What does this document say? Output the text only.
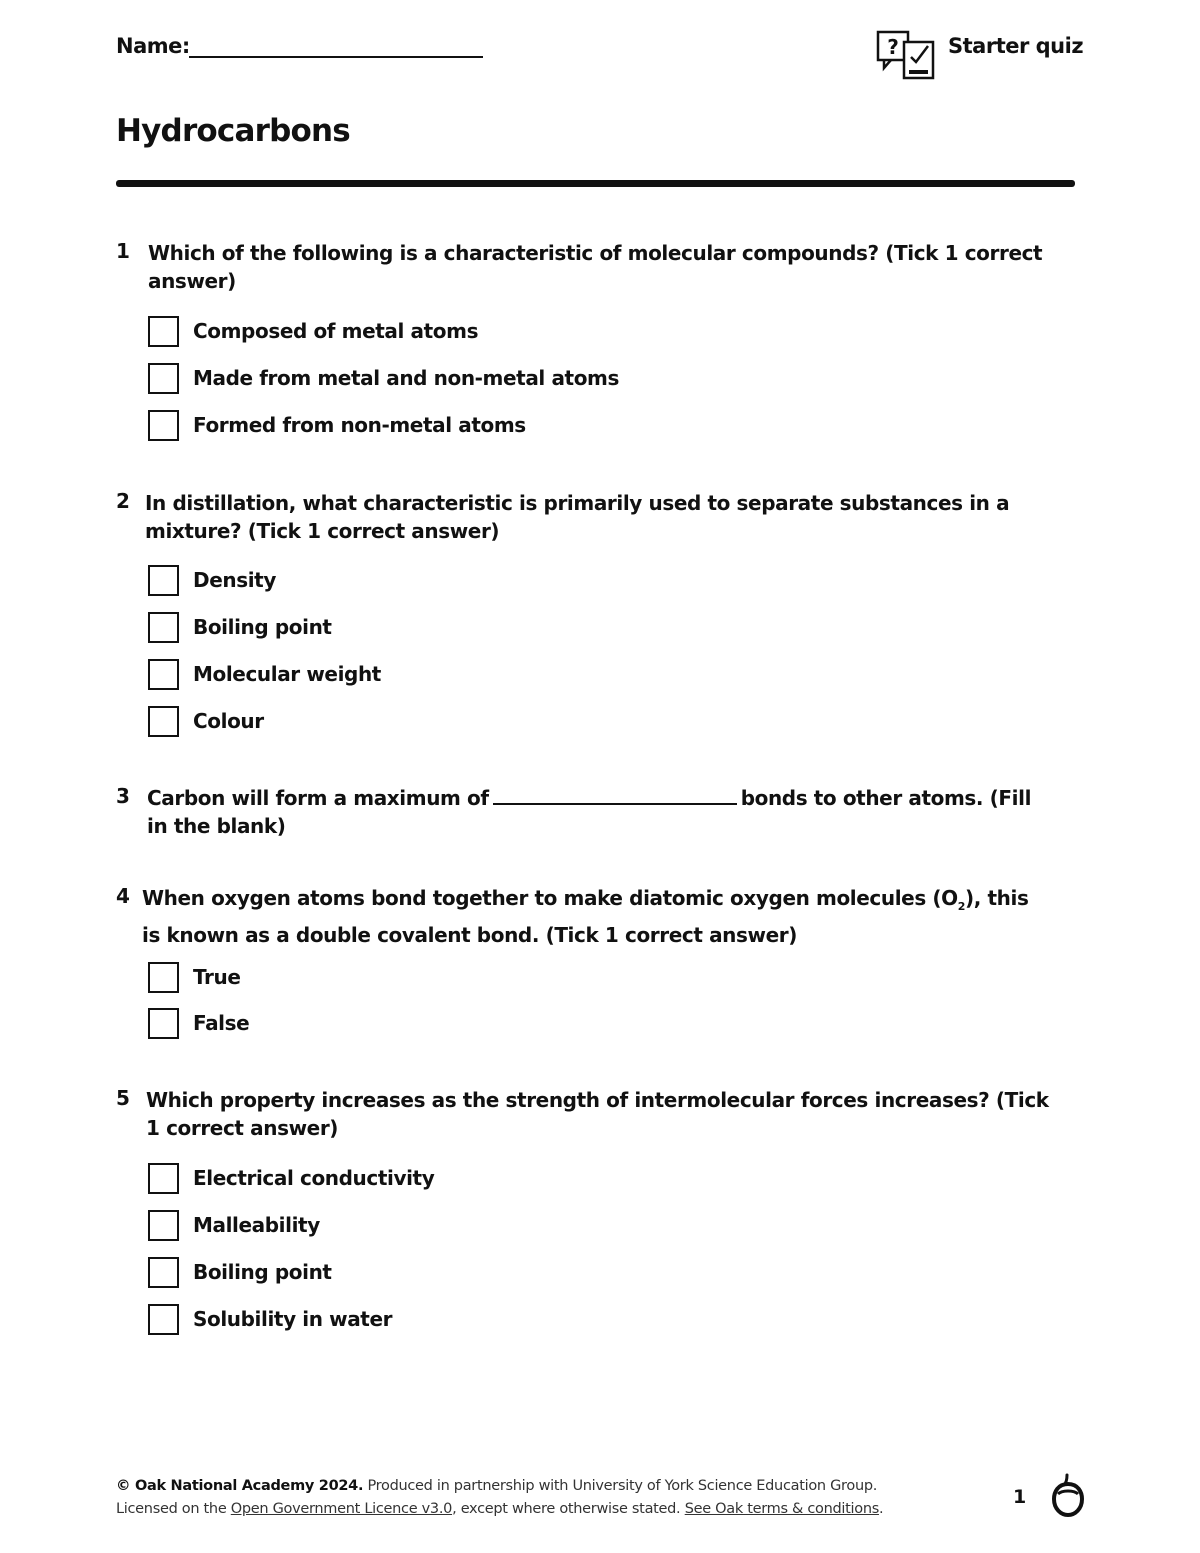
Name:	? Starter quiz
Hydrocarbons
1 Which of the following is a characteristic of molecular compounds? (Tick 1 correct answer)
Composed of metal atoms
Made from metal and non-metal atoms
Formed from non-metal atoms
2 In distillation, what characteristic is primarily used to separate substances in a mixture? (Tick 1 correct answer)
Density
Boiling point
Molecular weight
Colour
3 Carbon will form a maximum of	bonds to other atoms. (Fill in the blank)
4 When oxygen atoms bond together to make diatomic oxygen molecules $(O_2)$, this is known as a double covalent bond. (Tick 1 correct answer)
True
False
5 Which property increases as the strength of intermolecular forces increases? (Tick 1 correct answer)
Electrical conductivity
Malleability
Boiling point
Solubility in water
© Oak National Academy 2024. Produced in partnership with University of York Science Education Group.
Licensed on the Open Government Licence v3.0, except where otherwise stated. See Oak terms & conditions.
1
